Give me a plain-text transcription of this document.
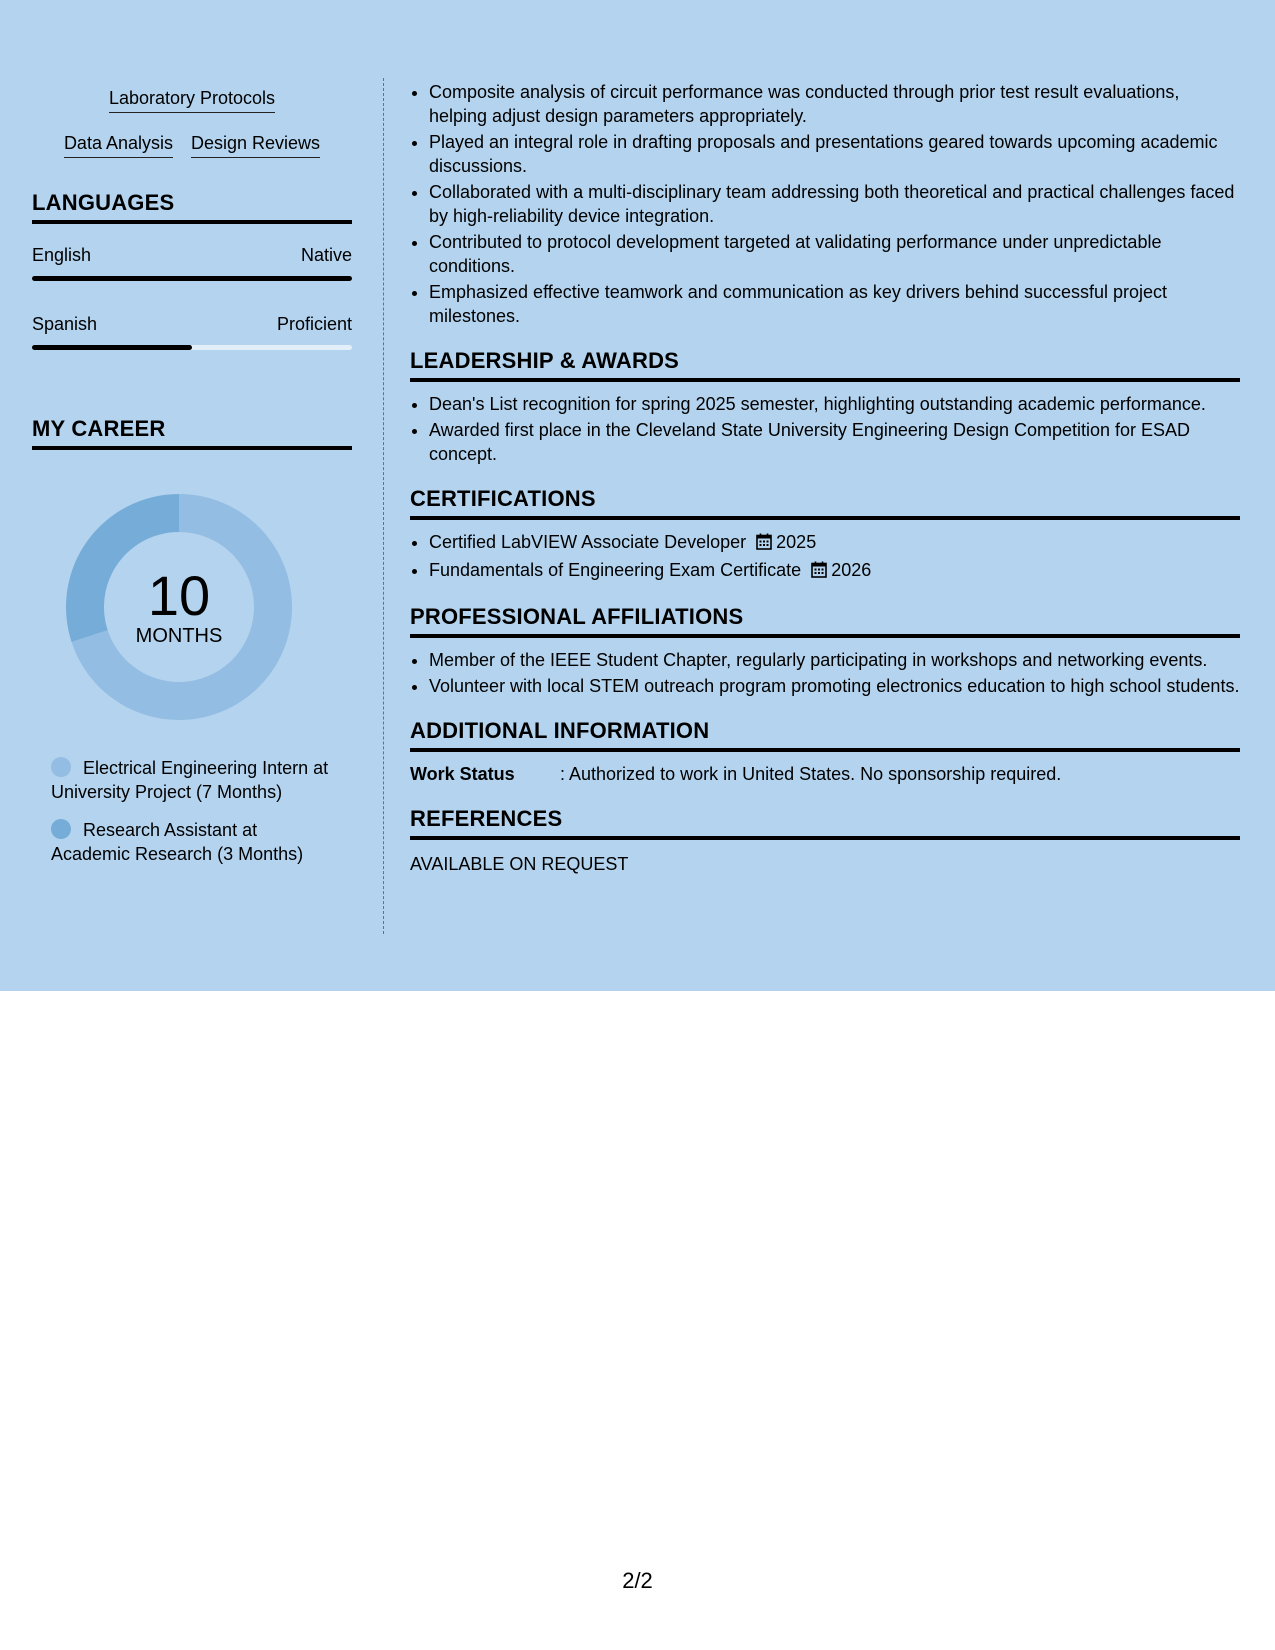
Laboratory Protocols
Data Analysis Design Reviews
LANGUAGES
English	Native
Spanish	Proficient
MY CAREER
10
MONTHS
Electrical Engineering Intern at University Project (7 Months)
Research Assistant at Academic Research (3 Months)
• Composite analysis of circuit performance was conducted through prior test result evaluations, helping adjust design parameters appropriately.
• Played an integral role in drafting proposals and presentations geared towards upcoming academic discussions.
• Collaborated with a multi-disciplinary team addressing both theoretical and practical challenges faced by high-reliability device integration.
• Contributed to protocol development targeted at validating performance under unpredictable conditions.
• Emphasized effective teamwork and communication as key drivers behind successful project milestones.
LEADERSHIP & AWARDS
• Dean's List recognition for spring 2025 semester, highlighting outstanding academic performance.
• Awarded first place in the Cleveland State University Engineering Design Competition for ESAD concept.
CERTIFICATIONS
• Certified LabVIEW Associate Developer 2025
• Fundamentals of Engineering Exam Certificate 2026
PROFESSIONAL AFFILIATIONS
• Member of the IEEE Student Chapter, regularly participating in workshops and networking events.
• Volunteer with local STEM outreach program promoting electronics education to high school students.
ADDITIONAL INFORMATION
Work Status	: Authorized to work in United States. No sponsorship required.
REFERENCES
AVAILABLE ON REQUEST
2/2
